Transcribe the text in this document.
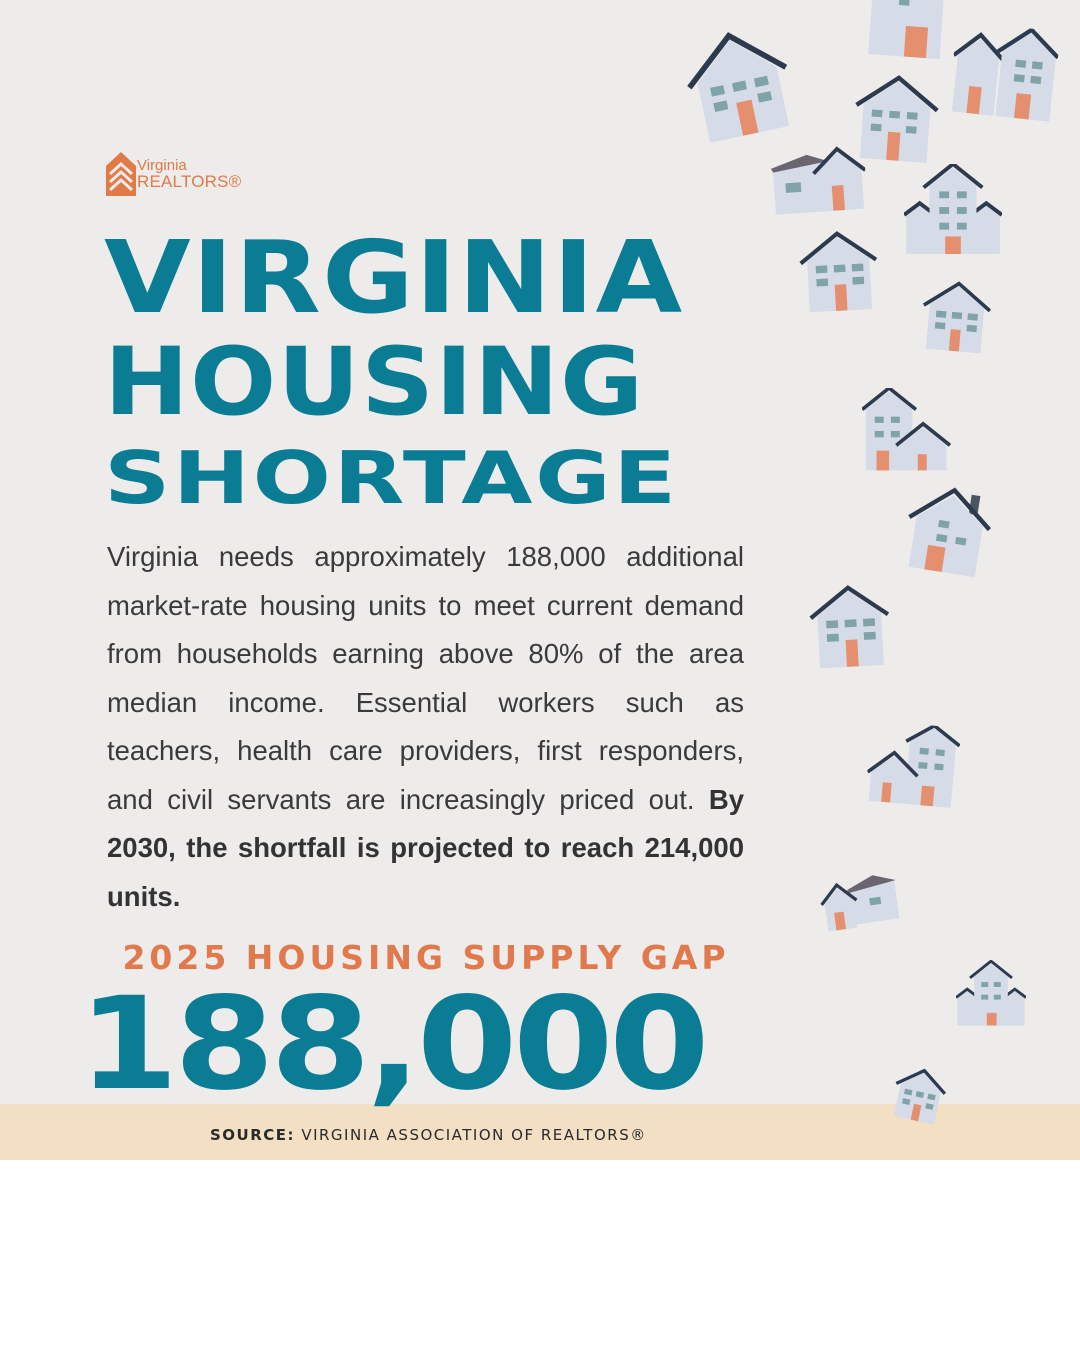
Virginia
REALTORS®
VIRGINIA
HOUSING
SHORTAGE
Virginia needs approximately 188,000 additional market-rate housing units to meet current demand from households earning above 80% of the area median income. Essential workers such as teachers, health care providers, first responders, and civil servants are increasingly priced out. By 2030, the shortfall is projected to reach 214,000 units.
2025 HOUSING SUPPLY GAP
188,000
SOURCE: VIRGINIA ASSOCIATION OF REALTORS®
